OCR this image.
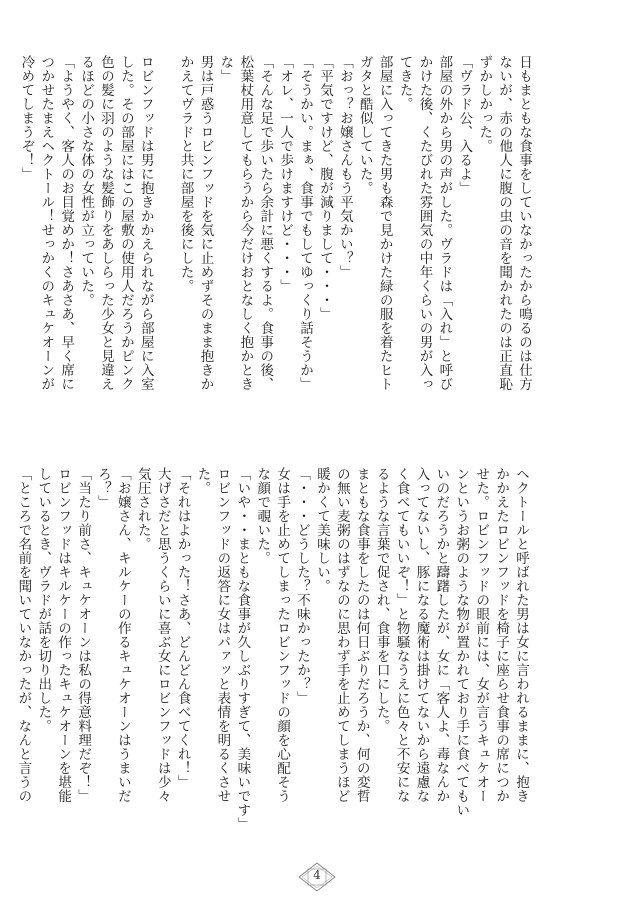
日もまともな食事をしていなかったから鳴るのは仕方

ないが、赤の他人に腹の虫の音を聞かれたのは正直恥

ずかしかった。

「ヴラド公、入るよ」

部屋の外から男の声がした。ヴラドは「入れ」と呼び

かけた後、くたびれた雰囲気の中年くらいの男が入っ

てきた。

部屋に入ってきた男も森で見かけた緑の服を着たヒト

ガタと酷似していた。

「おっ？お嬢さんもう平気かい？」

「平気ですけど、腹が減りまして・・・」

「そうかい。まぁ、食事でもしてゆっくり話そうか」

「オレ、一人で歩けますけど・・・」

「そんな足で歩いたら余計に悪くするよ。食事の後、

松葉杖用意してもらうから今だけおとなしく抱かとき

な」

男は戸惑うロビンフッドを気に止めずそのまま抱きか

かえてヴラドと共に部屋を後にした。

ロビンフッドは男に抱きかかえられながら部屋に入室

した。その部屋にはこの屋敷の使用人だろうかピンク

色の髪に羽のような髪飾りをあしらった少女と見違え

るほどの小さな体の女性が立っていた。

「ようやく、客人のお目覚めか！さあさあ、早く席に

つかせたまえヘクトール！せっかくのキュケオーンが

冷めてしまうぞ！」

ヘクトールと呼ばれた男は女に言われるままに、抱き

かかえたロビンフッドを椅子に座らせ食事の席につか

せた。ロビンフッドの眼前には、女が言うキュケオー

ンというお粥のような物が置かれており手に食べてもい

いのだろうかと躊躇したが、女に「客人よ、毒なんか

入ってないし、豚になる魔術は掛けてないから遠慮な

く食べてもいいぞ！」と物騒なうえに色々と不安にな

るような言葉で促され、食事を口にした。

まともな食事をしたのは何日ぶりだろうか、何の変哲

の無い麦粥のはずなのに思わず手を止めてしまうほど

暖かくて美味しい。

「・・・どうした？不味かったか？」

女は手を止めてしまったロビンフッドの顔を心配そう

な顔で覗いた。

「いや・・まともな食事が久しぶりすぎて、美味いです」

ロビンフッドの返答に女はパァッと表情を明るくさせ

た。

「それはよかった！さあ、どんどん食べてくれ！」

大げさだと思うくらいに喜ぶ女にロビンフッドは少々

気圧された。

「お嬢さん、キルケーの作るキュケオーンはうまいだ

ろ？」

「当たり前さ、キュケオーンは私の得意料理だぞ！」

ロビンフッドはキルケーの作ったキュケオーンを堪能

しているとき、ヴラドが話を切り出した。

「ところで名前を聞いていなかったが、なんと言うの

4
